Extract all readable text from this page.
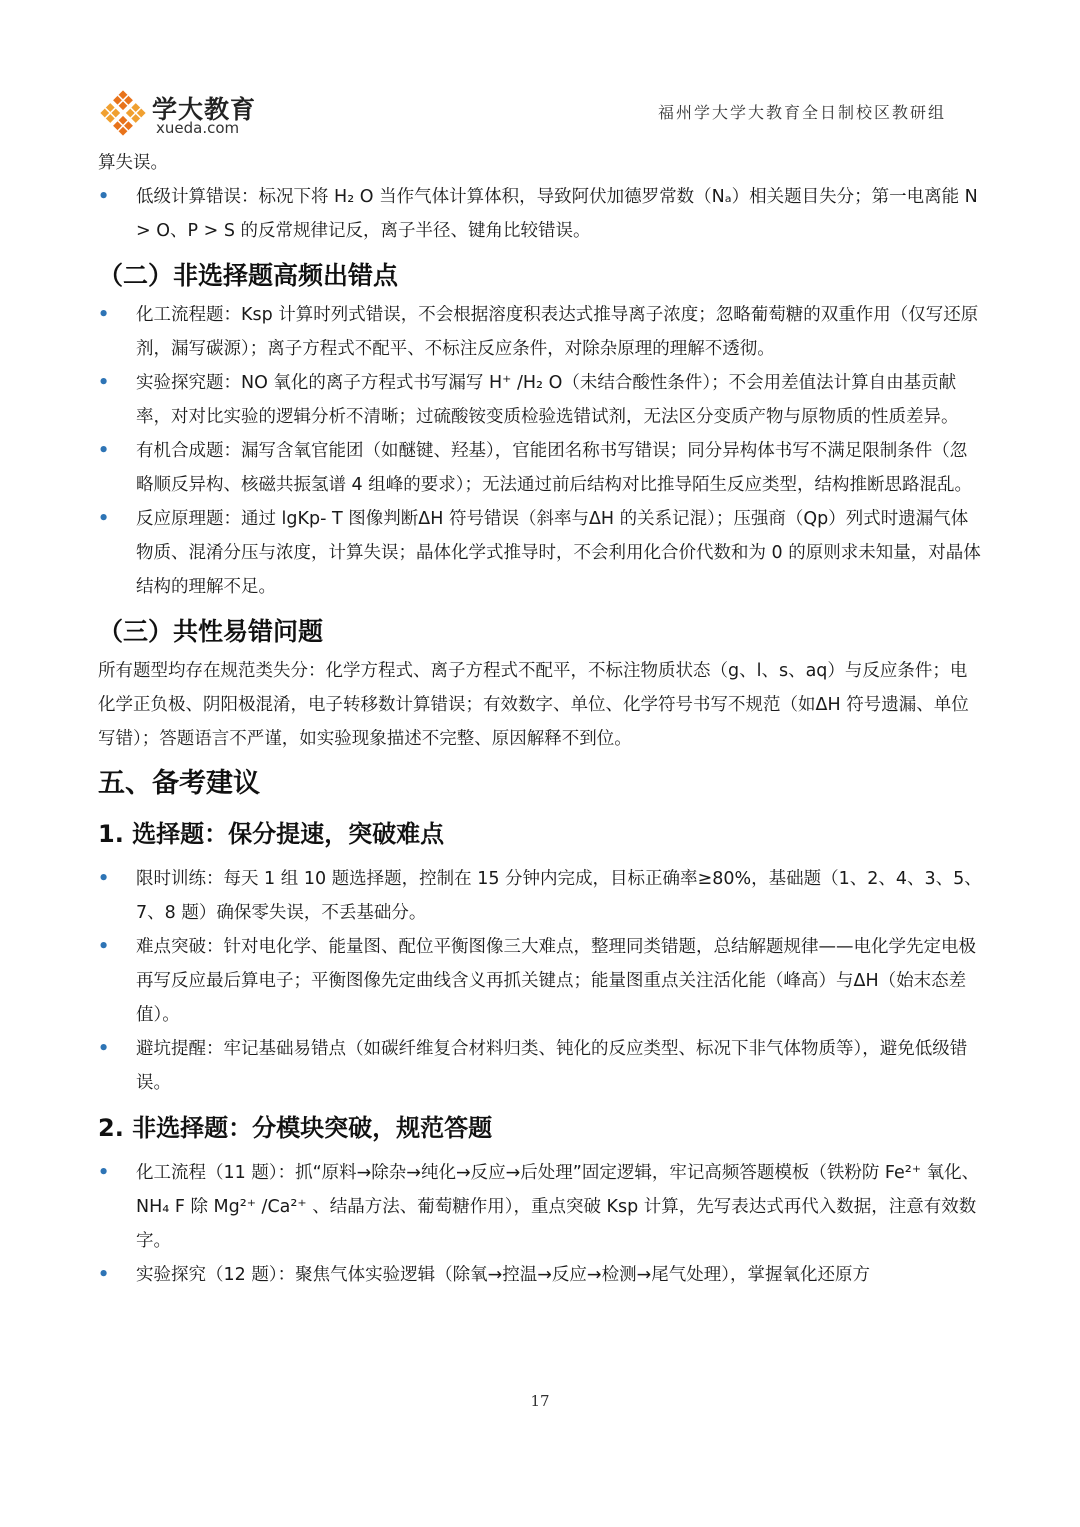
学大教育
xueda.com
福州学大学大教育全日制校区教研组

算失误。

• 低级计算错误：标况下将 H₂ O 当作气体计算体积，导致阿伏加德罗常数（Nₐ）相关题目失分；第一电离能 N > O、P > S 的反常规律记反，离子半径、键角比较错误。

（二）非选择题高频出错点

• 化工流程题：Ksp 计算时列式错误，不会根据溶度积表达式推导离子浓度；忽略葡萄糖的双重作用（仅写还原剂，漏写碳源）；离子方程式不配平、不标注反应条件，对除杂原理的理解不透彻。

• 实验探究题：NO 氧化的离子方程式书写漏写 H⁺ /H₂ O（未结合酸性条件）；不会用差值法计算自由基贡献率，对对比实验的逻辑分析不清晰；过硫酸铵变质检验选错试剂，无法区分变质产物与原物质的性质差异。

• 有机合成题：漏写含氧官能团（如醚键、羟基），官能团名称书写错误；同分异构体书写不满足限制条件（忽略顺反异构、核磁共振氢谱 4 组峰的要求）；无法通过前后结构对比推导陌生反应类型，结构推断思路混乱。

• 反应原理题：通过 lgKp- T 图像判断ΔH 符号错误（斜率与ΔH 的关系记混）；压强商（Qp）列式时遗漏气体物质、混淆分压与浓度，计算失误；晶体化学式推导时，不会利用化合价代数和为 0 的原则求未知量，对晶体结构的理解不足。

（三）共性易错问题

所有题型均存在规范类失分：化学方程式、离子方程式不配平，不标注物质状态（g、l、s、aq）与反应条件；电化学正负极、阴阳极混淆，电子转移数计算错误；有效数字、单位、化学符号书写不规范（如ΔH 符号遗漏、单位写错）；答题语言不严谨，如实验现象描述不完整、原因解释不到位。

五、备考建议

1. 选择题：保分提速，突破难点

• 限时训练：每天 1 组 10 题选择题，控制在 15 分钟内完成，目标正确率≥80%，基础题（1、2、4、3、5、7、8 题）确保零失误，不丢基础分。

• 难点突破：针对电化学、能量图、配位平衡图像三大难点，整理同类错题，总结解题规律——电化学先定电极再写反应最后算电子；平衡图像先定曲线含义再抓关键点；能量图重点关注活化能（峰高）与ΔH（始末态差值）。

• 避坑提醒：牢记基础易错点（如碳纤维复合材料归类、钝化的反应类型、标况下非气体物质等），避免低级错误。

2. 非选择题：分模块突破，规范答题

• 化工流程（11 题）：抓“原料→除杂→纯化→反应→后处理”固定逻辑，牢记高频答题模板（铁粉防 Fe²⁺ 氧化、NH₄ F 除 Mg²⁺ /Ca²⁺ 、结晶方法、葡萄糖作用），重点突破 Ksp 计算，先写表达式再代入数据，注意有效数字。

• 实验探究（12 题）：聚焦气体实验逻辑（除氧→控温→反应→检测→尾气处理），掌握氧化还原方

17
